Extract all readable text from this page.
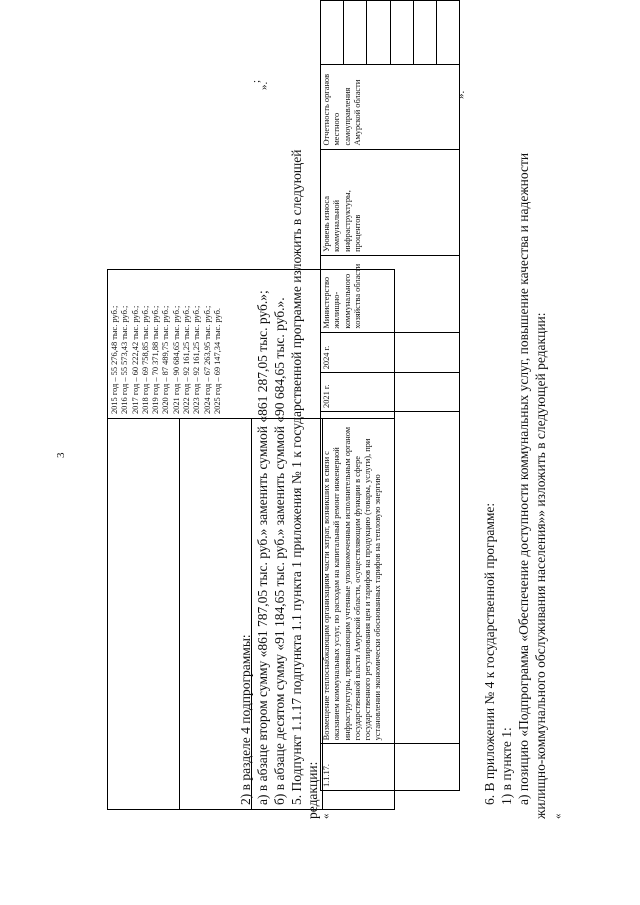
3

2015 год – 55 276,48 тыс. руб.; 2016 год – 55 573,43 тыс. руб.; 2017 год – 60 222,42 тыс. руб.; 2018 год – 69 758,85 тыс. руб.; 2019 год – 70 371,88 тыс. руб.; 2020 год – 87 489,75 тыс. руб.; 2021 год – 90 684,65 тыс. руб.; 2022 год – 92 161,25 тыс. руб.; 2023 год – 92 161,25 тыс. руб.; 2024 год – 67 263,95 тыс. руб.; 2025 год – 69 147,34 тыс. руб.
».
;
2) в разделе 4 подпрограммы: а) в абзаце втором сумму «861 787,05 тыс. руб.» заменить суммой «861 287,05 тыс. руб.»; б) в абзаце десятом сумму «91 184,65 тыс. руб.» заменить суммой «90 684,65 тыс. руб.». 5. Подпункт 1.1.17 подпункта 1.1 пункта 1 приложения № 1 к государственной программе изложить в следующей редакции: «
1.1.17.	Возмещение теплоснабжающим организациям части затрат, возникших в связи с оказанием коммунальных услуг, по расходам на капитальный ремонт инженерной инфраструктуры, превышающим учтенные уполномоченным исполнительным органом государственной власти Амурской области, осуществляющим функции в сфере государственного регулирования цен и тарифов на продукцию (товары, услуги), при установлении экономически обоснованных тарифов на тепловую энергию	2021 г.	2024 г.	Министерство жилищно-коммунального хозяйства области	Уровень износа коммунальной инфраструктуры, процентов	Отчетность органов местного самоуправления Амурской области		».
6. В приложении № 4 к государственной программе: 1) в пункте 1: а) позицию «Подпрограмма «Обеспечение доступности коммунальных услуг, повышение качества и надежности жилищно-коммунального обслуживания населения»» изложить в следующей редакции: «
